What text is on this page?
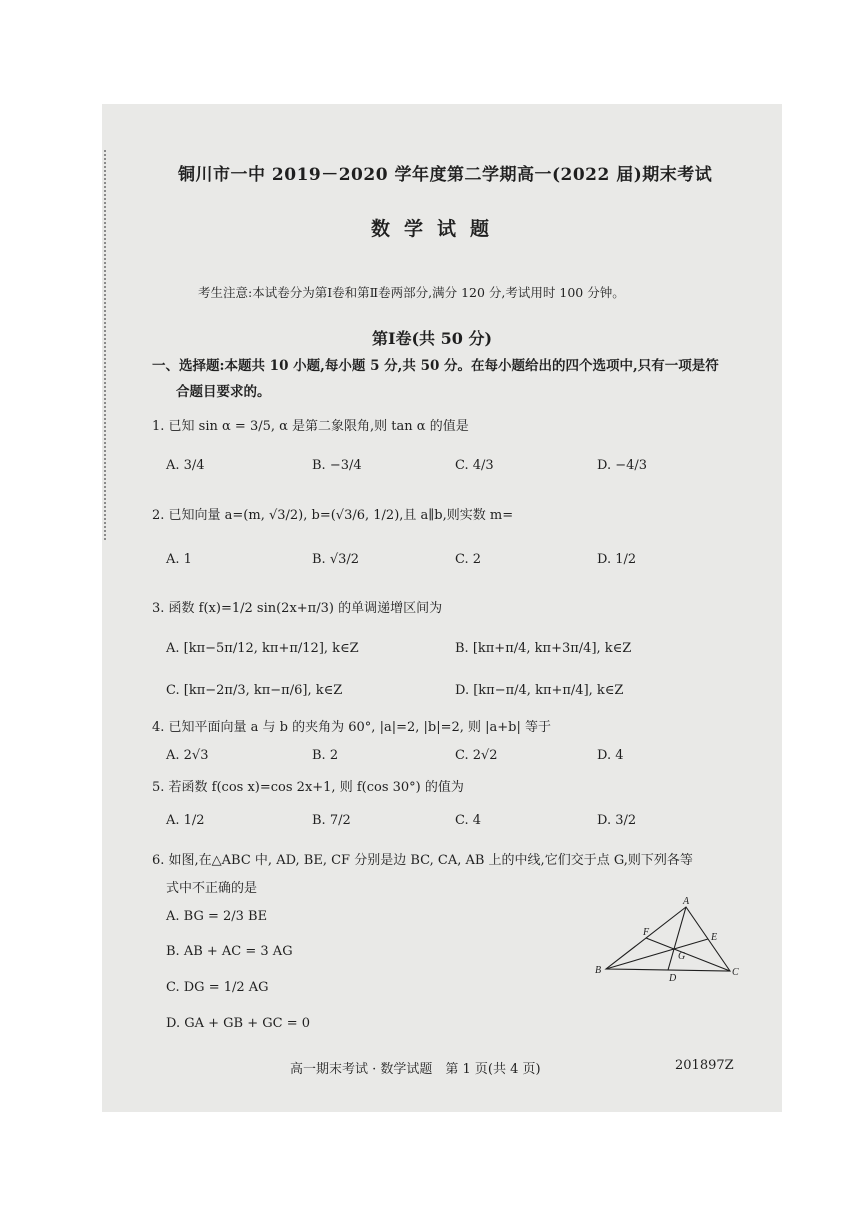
铜川市一中 2019－2020 学年度第二学期高一(2022 届)期末考试
数学试题
考生注意:本试卷分为第Ⅰ卷和第Ⅱ卷两部分,满分 120 分,考试用时 100 分钟。
第Ⅰ卷(共 50 分)
一、选择题:本题共 10 小题,每小题 5 分,共 50 分。在每小题给出的四个选项中,只有一项是符
合题目要求的。
1. 已知 sin α = 3/5, α 是第二象限角,则 tan α 的值是
A. 3/4	B. −3/4	C. 4/3	D. −4/3
2. 已知向量 a=(m, √3/2), b=(√3/6, 1/2),且 a∥b,则实数 m=
A. 1	B. √3/2	C. 2	D. 1/2
3. 函数 f(x)=1/2 sin(2x+π/3) 的单调递增区间为
A. [kπ−5π/12, kπ+π/12], k∈Z	B. [kπ+π/4, kπ+3π/4], k∈Z
C. [kπ−2π/3, kπ−π/6], k∈Z	D. [kπ−π/4, kπ+π/4], k∈Z
4. 已知平面向量 a 与 b 的夹角为 60°, |a|=2, |b|=2, 则 |a+b| 等于
A. 2√3	B. 2	C. 2√2	D. 4
5. 若函数 f(cos x)=cos 2x+1, 则 f(cos 30°) 的值为
A. 1/2	B. 7/2	C. 4	D. 3/2
6. 如图,在△ABC 中, AD, BE, CF 分别是边 BC, CA, AB 上的中线,它们交于点 G,则下列各等
式中不正确的是
A. BG = 2/3 BE
B. AB + AC = 3 AG
C. DG = 1/2 AG
D. GA + GB + GC = 0
A
B	C
D
E
F
G
高一期末考试 · 数学试题　第 1 页(共 4 页)	201897Z
